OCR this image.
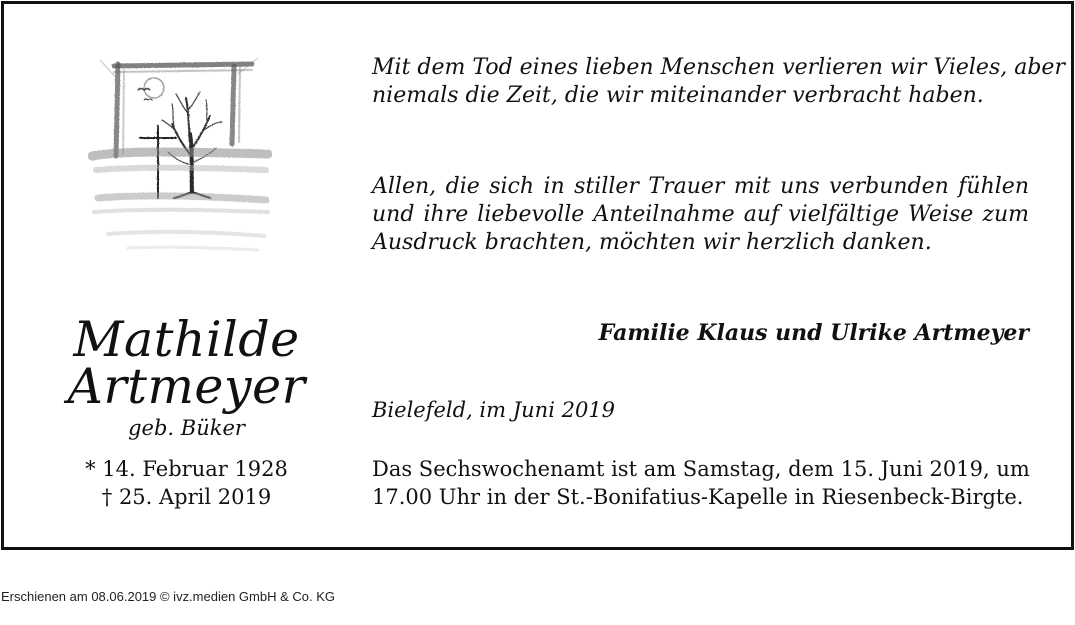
Mathilde
Artmeyer
geb. Büker
* 14. Februar 1928
† 25. April 2019
Mit dem Tod eines lieben Menschen verlieren wir Vieles, aber
niemals die Zeit, die wir miteinander verbracht haben.
Allen, die sich in stiller Trauer mit uns verbunden fühlen
und ihre liebevolle Anteilnahme auf vielfältige Weise zum
Ausdruck brachten, möchten wir herzlich danken.
Familie Klaus und Ulrike Artmeyer
Bielefeld, im Juni 2019
Das Sechswochenamt ist am Samstag, dem 15. Juni 2019, um
17.00 Uhr in der St.-Bonifatius-Kapelle in Riesenbeck-Birgte.
Erschienen am 08.06.2019 © ivz.medien GmbH & Co. KG
